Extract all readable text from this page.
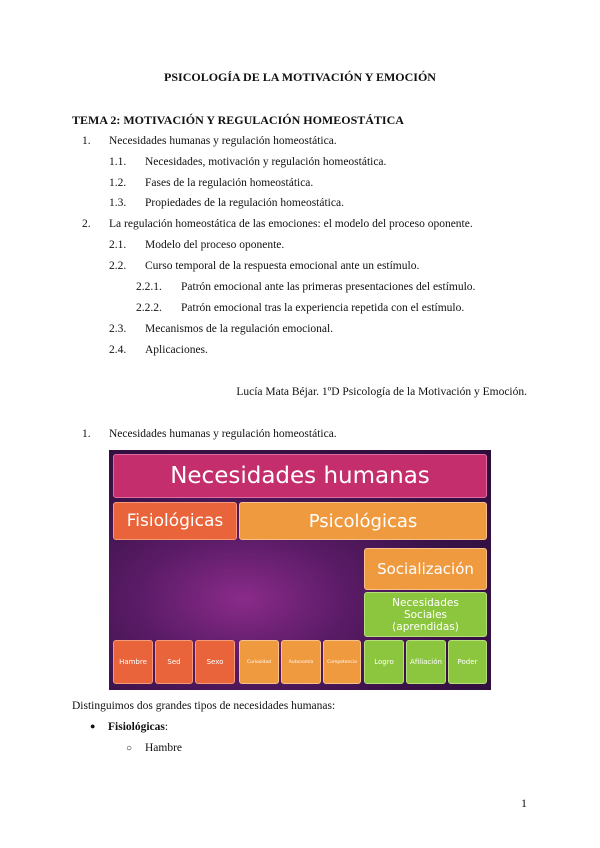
PSICOLOGÍA DE LA MOTIVACIÓN Y EMOCIÓN
TEMA 2: MOTIVACIÓN Y REGULACIÓN HOMEOSTÁTICA
1. Necesidades humanas y regulación homeostática.
1.1. Necesidades, motivación y regulación homeostática.
1.2. Fases de la regulación homeostática.
1.3. Propiedades de la regulación homeostática.
2. La regulación homeostática de las emociones: el modelo del proceso oponente.
2.1. Modelo del proceso oponente.
2.2. Curso temporal de la respuesta emocional ante un estímulo.
2.2.1. Patrón emocional ante las primeras presentaciones del estímulo.
2.2.2. Patrón emocional tras la experiencia repetida con el estímulo.
2.3. Mecanismos de la regulación emocional.
2.4. Aplicaciones.
Lucía Mata Béjar. 1ºD Psicología de la Motivación y Emoción.
1. Necesidades humanas y regulación homeostática.
Necesidades humanas
Fisiológicas	Psicológicas
Socialización
Necesidades
Sociales
(aprendidas)
Hambre	Sed	Sexo	Curiosidad	Autonomía	Competencia	Logro	Afiliación	Poder
Distinguimos dos grandes tipos de necesidades humanas:
● Fisiológicas:
○ Hambre
1
